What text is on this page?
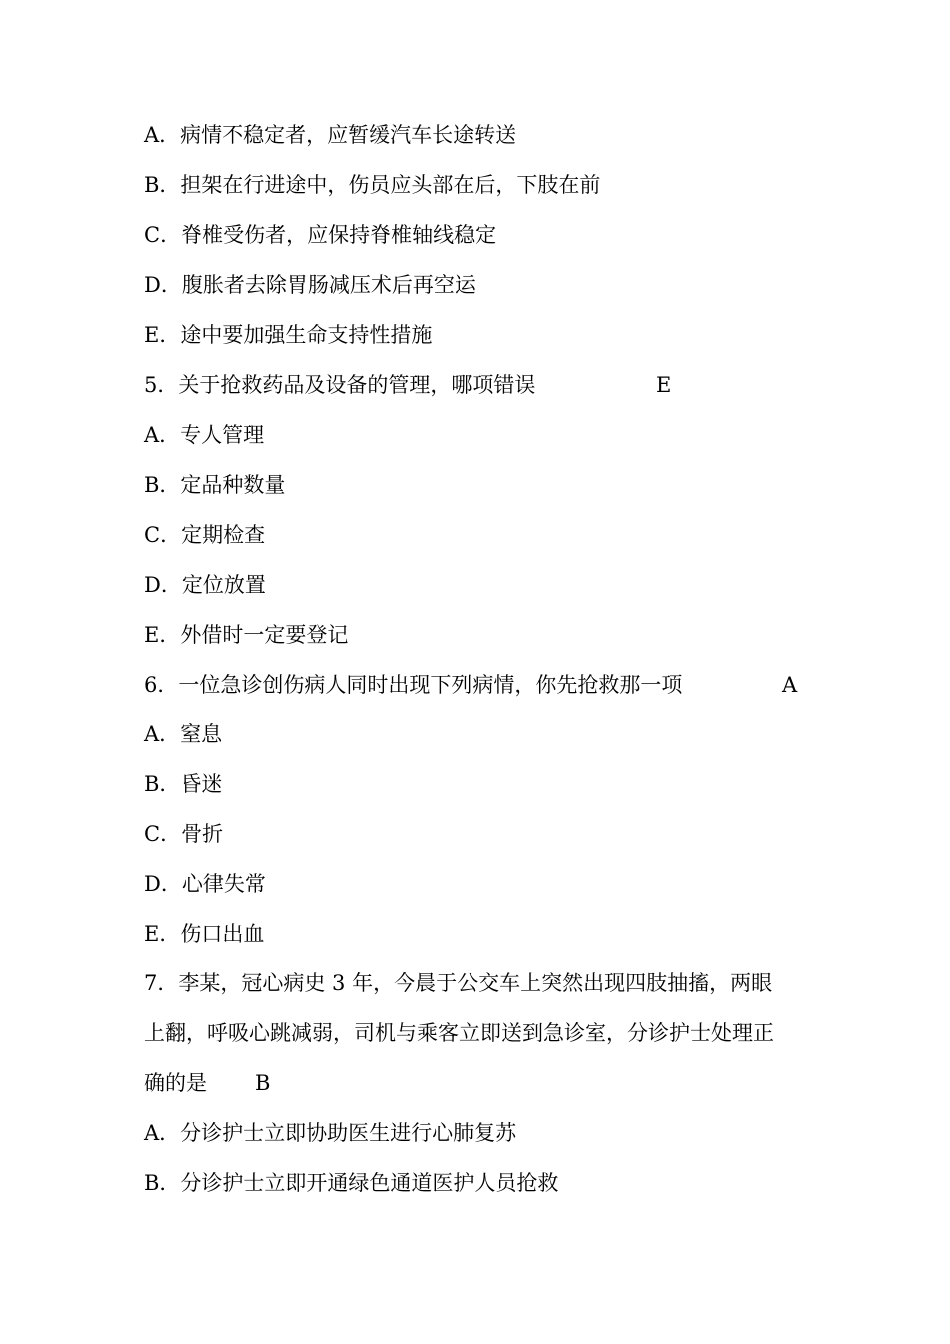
A．病情不稳定者，应暂缓汽车长途转送
B．担架在行进途中，伤员应头部在后，下肢在前
C．脊椎受伤者，应保持脊椎轴线稳定
D．腹胀者去除胃肠减压术后再空运
E．途中要加强生命支持性措施
5．关于抢救药品及设备的管理，哪项错误	E
A．专人管理
B．定品种数量
C．定期检查
D．定位放置
E．外借时一定要登记
6．一位急诊创伤病人同时出现下列病情，你先抢救那一项	A
A．窒息
B．昏迷
C．骨折
D．心律失常
E．伤口出血
7．李某，冠心病史 3 年，今晨于公交车上突然出现四肢抽搐，两眼
上翻，呼吸心跳减弱，司机与乘客立即送到急诊室，分诊护士处理正
确的是 B
A．分诊护士立即协助医生进行心肺复苏
B．分诊护士立即开通绿色通道医护人员抢救
